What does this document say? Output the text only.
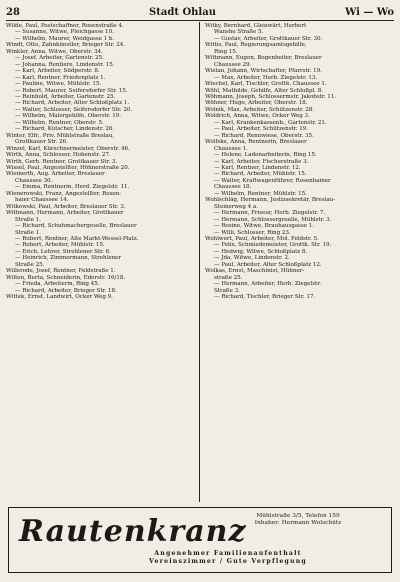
28	Stadt Ohlau	Wi — Wo
Wilde, Paul, Postschaffner, Rosenstraße 4.
— Susanne, Witwe, Pleichgasse 10.
— Wilhelm, Maurer, Weidgasse 1 b.
Windt, Otto, Zahnkünstler, Brieger Str. 24.
Winkler, Anna, Witwe, Oberstr. 34.
— Josef, Arbeiter, Gartenstr. 25.
— Johanna, Rentiere, Lindenstr. 15.
— Karl, Arbeiter, Südperstr. 8.
— Karl, Rentner, Friedenplatz 1.
— Pauline, Witwe, Mühlstr. 15.
— Robert, Maurer, Seifersdorfer Str. 15.
— Reinhold, Arbeiter, Gartenstr. 25.
— Richard, Arbeiter, Alter Schloßplatz 1.
— Walter, Schlosser, Seifersdorfer Str. 20.
— Wilhelm, Malergehilfe, Oberstr. 19.
— Wilhelm, Rentner, Oberstr. 5.
— Richard, Kutscher, Lindenstr. 26.
Winter, Elfr., Priv. Mühlstraße Breslau,
Grottkauer Str. 26.
Winzel, Karl, Kürschnermeister, Oberstr. 46.
Wirth, Anna, Schlosser, Hohenstr. 27.
Wirth, Gerh. Rentner, Grottkauer Str. 3.
Wissel, Paul, Angestellter, Höhnerstraße 20.
Wiemerth, Aug. Arbeiter, Breslauer
Chaussee 30.
— Emma, Rentnerin, Herd. Ziegelstr. 11.
Wienerowski, Franz, Angestellter, Rosen-
haier Chaussee 14.
Witkowski, Paul, Arbeiter, Breslauer Str. 3.
Wittmann, Hermann, Arbeiter, Grottkauer
Straße 1.
— Richard, Schuhmachergeselle, Breslauer
Straße 1.
— Robert, Rentner, Alte Markt-Wessel-Platz.
— Robert, Arbeiter, Mühlstr. 15.
— Erich, Lehrer, Strehlener Str. 6.
— Heinrich, Zimmermann, Strehlener
Straße 25.
Willerode, Josef, Rentner, Feldstraße 1.
Wilten, Berta, Schneiderin, Ederstr. 16/18.
— Frieda, Arbeiterin, Ring 45.
— Richard, Arbeiter, Brieger Str. 18.
Wittek, Ernst, Landwirt, Ocker Weg 9.
Witky, Bernhard, Gleiswärt, Herbert
Wanshe Straße 5.
— Gustav, Arbeiter, Grottkauer Str. 30.
Wittis, Paul, Regierungsamtsgehilfe,
Ring 15.
Wittmann, Eugen, Bogenbeiter, Breslauer
Chaussee 29.
Wielan, Johann, Wirtschafter, Pfarrstr. 19.
— Max, Arbeiter, Herb. Ziegelstr. 13.
Wiechel, Karl, Tischler, Grottk. Chaussee 1.
Wöhl, Mathilde, Gehilfe, Alter Schloßpl. 8.
Wöhmann, Joseph, Schlossermstr. Jakobstr. 11.
Wöhner, Hugo, Arbeiter, Oberstr. 18.
Wolnik, Max, Arbeiter, Schützenstr. 28.
Woldrich, Anna, Witwe, Ocker Weg 3.
— Karl, Krankenkassenb., Gartenstr. 21.
— Paul, Arbeiter, Schützenstr. 19.
— Richard, Rennwiese, Oberstr. 35.
Wolfske, Anna, Rentnerin, Breslauer
Chaussee 1.
— Helene, Ladenarbeiterin, Ring 15.
— Karl, Arbeiter, Fischerstraße 3.
— Karl, Rentner, Lindenstr. 12.
— Richard, Arbeiter, Mühlstr. 15.
— Walter, Kraftwagenführer, Rosenhainer
Chaussee 18.
— Wilhelm, Rentner, Mühlstr. 15.
Wohlschläg, Hermann, Justizsekretär, Breslau-
Steinerweg 4 a.
— Hermann, Friseur, Herb. Ziegelstr. 7.
— Hermann, Schlossergeselle, Mühlstr. 3.
— Rosine, Witwe, Brauhausgasse 1.
— Willi, Schlosser, Ring 23.
Wohlwert, Paul, Arbeiter, Mol. Feldstr. 5.
— Felix, Schmiedemeister, Grottk. Str. 19.
— Hedwig, Witwe, Schloßplatz 8.
— Jda, Witwe, Lindenstr. 2.
— Paul, Arbeiter, Alter Schloßplatz 12.
Wolkas, Ernst, Maschinist, Hühner-
straße 25.
— Hermann, Arbeiter, Herb. Ziegelstr.
Straße 3.
— Richard, Tischler, Brieger Str. 17.
Rautenkranz	Mühlstraße 3/5, Telefon 159
Inhaber: Hermann Wolschütz
Angenehmer Familienaufenthalt
Vereinszimmer / Gute Verpflegung
